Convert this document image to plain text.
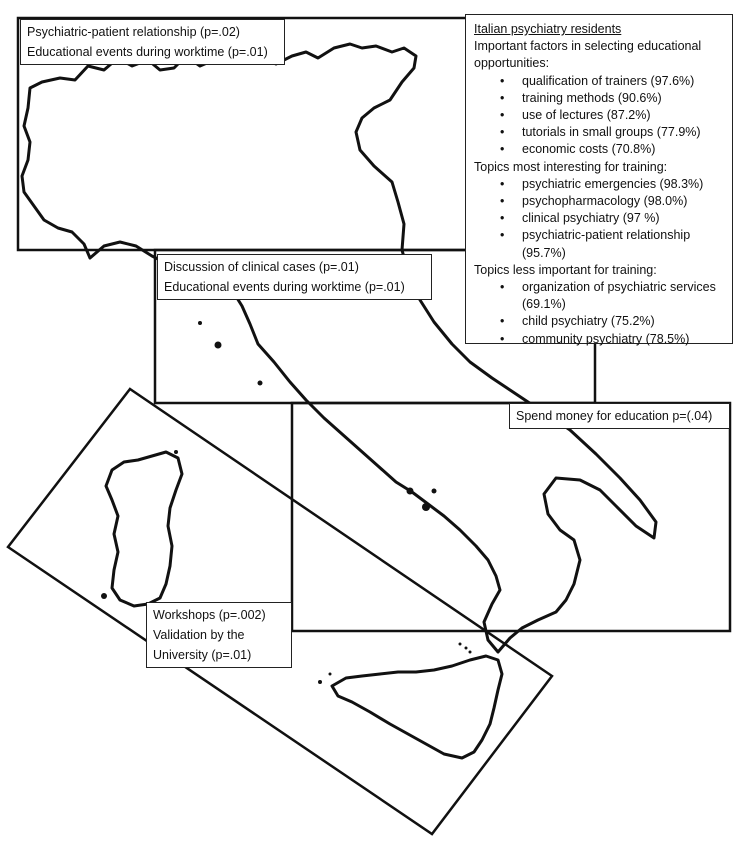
Psychiatric-patient relationship (p=.02)
Educational events during worktime (p=.01)
Discussion of clinical cases (p=.01)
Educational events during worktime (p=.01)
Spend money for education p=(.04)
Workshops (p=.002)
Validation by the University (p=.01)
Italian psychiatry residents
Important factors in selecting educational opportunities:
• qualification of trainers (97.6%)
• training methods (90.6%)
• use of lectures (87.2%)
• tutorials in small groups (77.9%)
• economic costs (70.8%)
Topics most interesting for training:
• psychiatric emergencies (98.3%)
• psychopharmacology (98.0%)
• clinical psychiatry (97 %)
• psychiatric-patient relationship (95.7%)
Topics less important for training:
• organization of psychiatric services (69.1%)
• child psychiatry (75.2%)
• community psychiatry (78.5%)
